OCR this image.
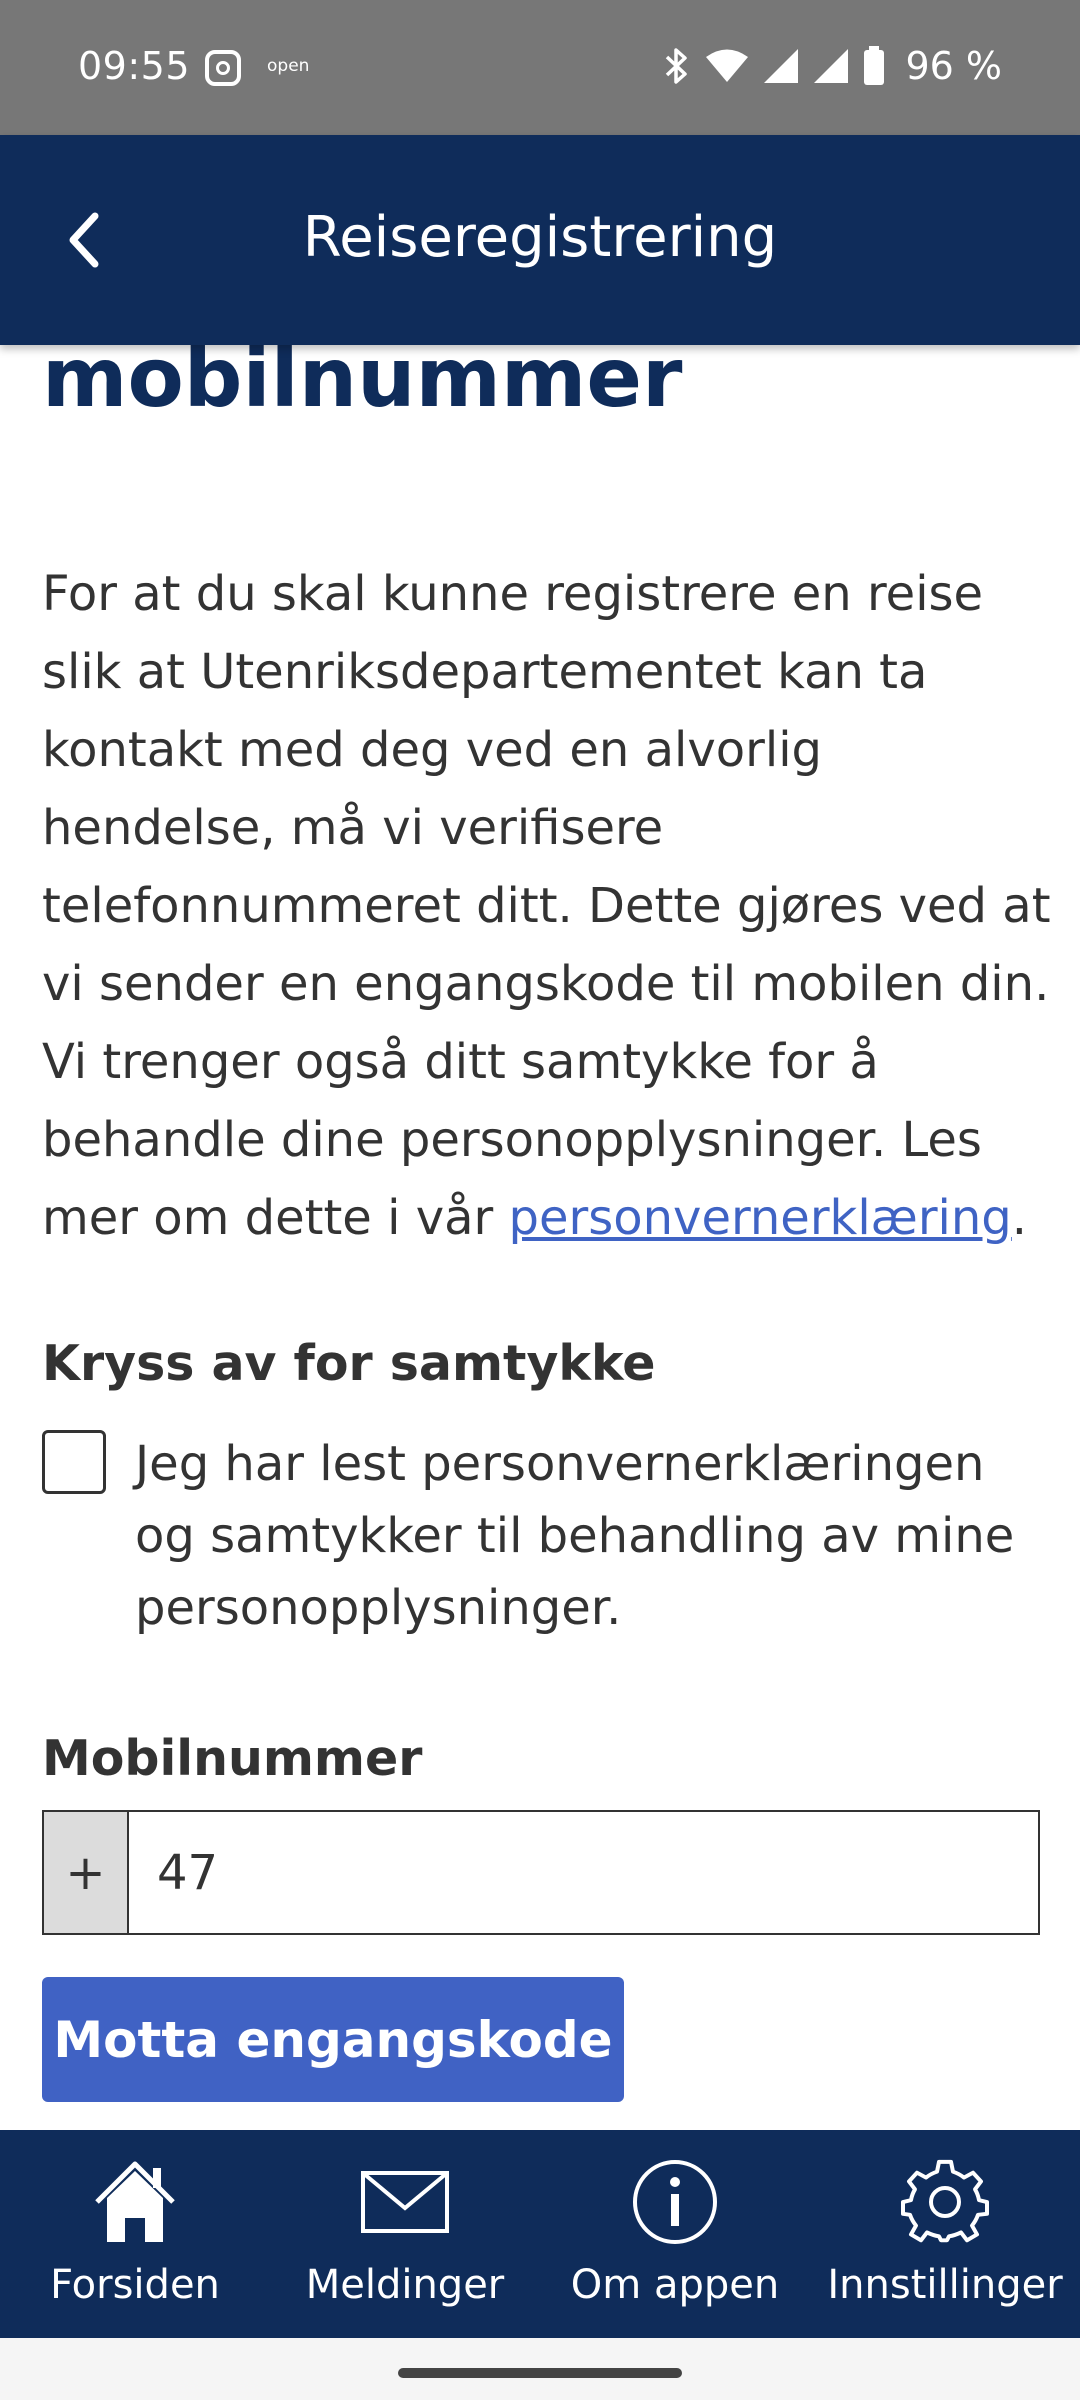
09:55	open	96 %
Reiseregistrering
mobilnummer

For at du skal kunne registrere en reise slik at Utenriksdepartementet kan ta kontakt med deg ved en alvorlig hendelse, må vi verifisere telefonnummeret ditt. Dette gjøres ved at vi sender en engangskode til mobilen din. Vi trenger også ditt samtykke for å behandle dine personopplysninger. Les mer om dette i vår personvernerklæring.

Kryss av for samtykke
Jeg har lest personvernerklæringen og samtykker til behandling av mine personopplysninger.
Mobilnummer
+
47
Motta engangskode
Forsiden Meldinger Om appen Innstillinger
